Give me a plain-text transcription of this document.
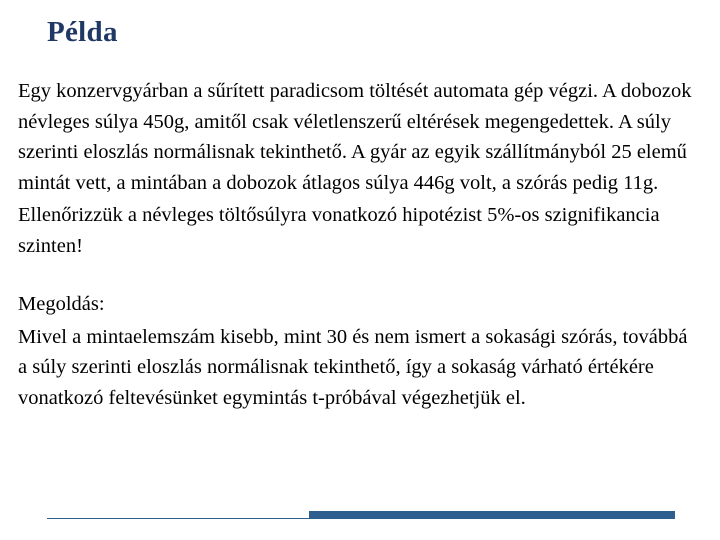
Példa

Egy konzervgyárban a sűrített paradicsom töltését automata gép végzi. A dobozok névleges súlya 450g, amitől csak véletlenszerű eltérések megengedettek. A súly szerinti eloszlás normálisnak tekinthető. A gyár az egyik szállítmányból 25 elemű mintát vett, a mintában a dobozok átlagos súlya 446g volt, a szórás pedig 11g.

Ellenőrizzük a névleges töltősúlyra vonatkozó hipotézist 5%-os szignifikancia szinten!

Megoldás:

Mivel a mintaelemszám kisebb, mint 30 és nem ismert a sokasági szórás, továbbá a súly szerinti eloszlás normálisnak tekinthető, így a sokaság várható értékére vonatkozó feltevésünket egymintás t-próbával végezhetjük el.
